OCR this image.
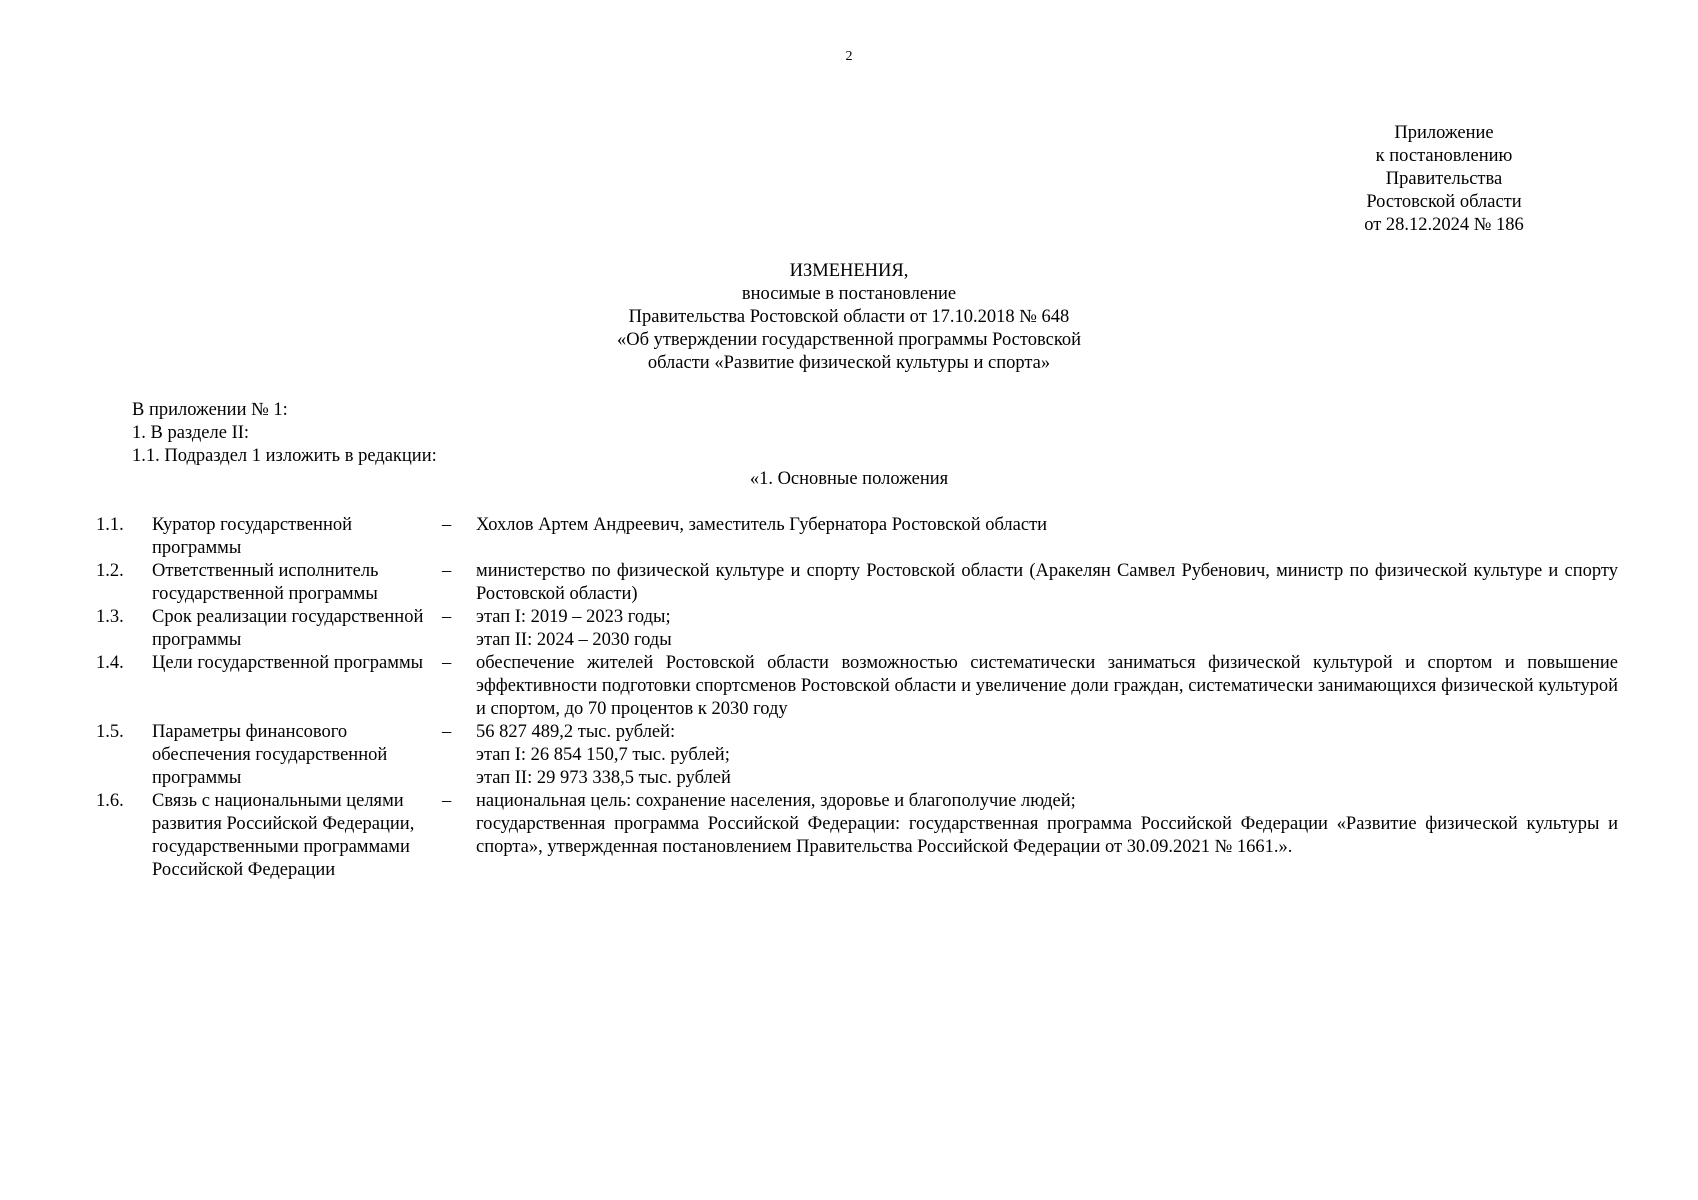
2
Приложение
к постановлению
Правительства
Ростовской области
от 28.12.2024 № 186
ИЗМЕНЕНИЯ,
вносимые в постановление
Правительства Ростовской области от 17.10.2018 № 648
«Об утверждении государственной программы Ростовской
области «Развитие физической культуры и спорта»
В приложении № 1:
1. В разделе II:
1.1. Подраздел 1 изложить в редакции:
«1. Основные положения
1.1.	Куратор государственной программы	–	Хохлов Артем Андреевич, заместитель Губернатора Ростовской области

1.2.	Ответственный исполнитель государственной программы	–	министерство по физической культуре и спорту Ростовской области (Аракелян Самвел Рубенович, министр по физической культуре и спорту Ростовской области)

1.3.	Срок реализации государственной программы	–	этап I: 2019 – 2023 годы;
этап II: 2024 – 2030 годы

1.4.	Цели государственной программы	–	обеспечение жителей Ростовской области возможностью систематически заниматься физической культурой и спортом и повышение эффективности подготовки спортсменов Ростовской области и увеличение доли граждан, систематически занимающихся физической культурой и спортом, до 70 процентов к 2030 году

1.5.	Параметры финансового обеспечения государственной программы	–	56 827 489,2 тыс. рублей:
этап I: 26 854 150,7 тыс. рублей;
этап II: 29 973 338,5 тыс. рублей

1.6.	Связь с национальными целями развития Российской Федерации, государственными программами Российской Федерации	–	национальная цель: сохранение населения, здоровье и благополучие людей;
государственная программа Российской Федерации: государственная программа Российской Федерации «Развитие физической культуры и спорта», утвержденная постановлением Правительства Российской Федерации от 30.09.2021 № 1661.».
